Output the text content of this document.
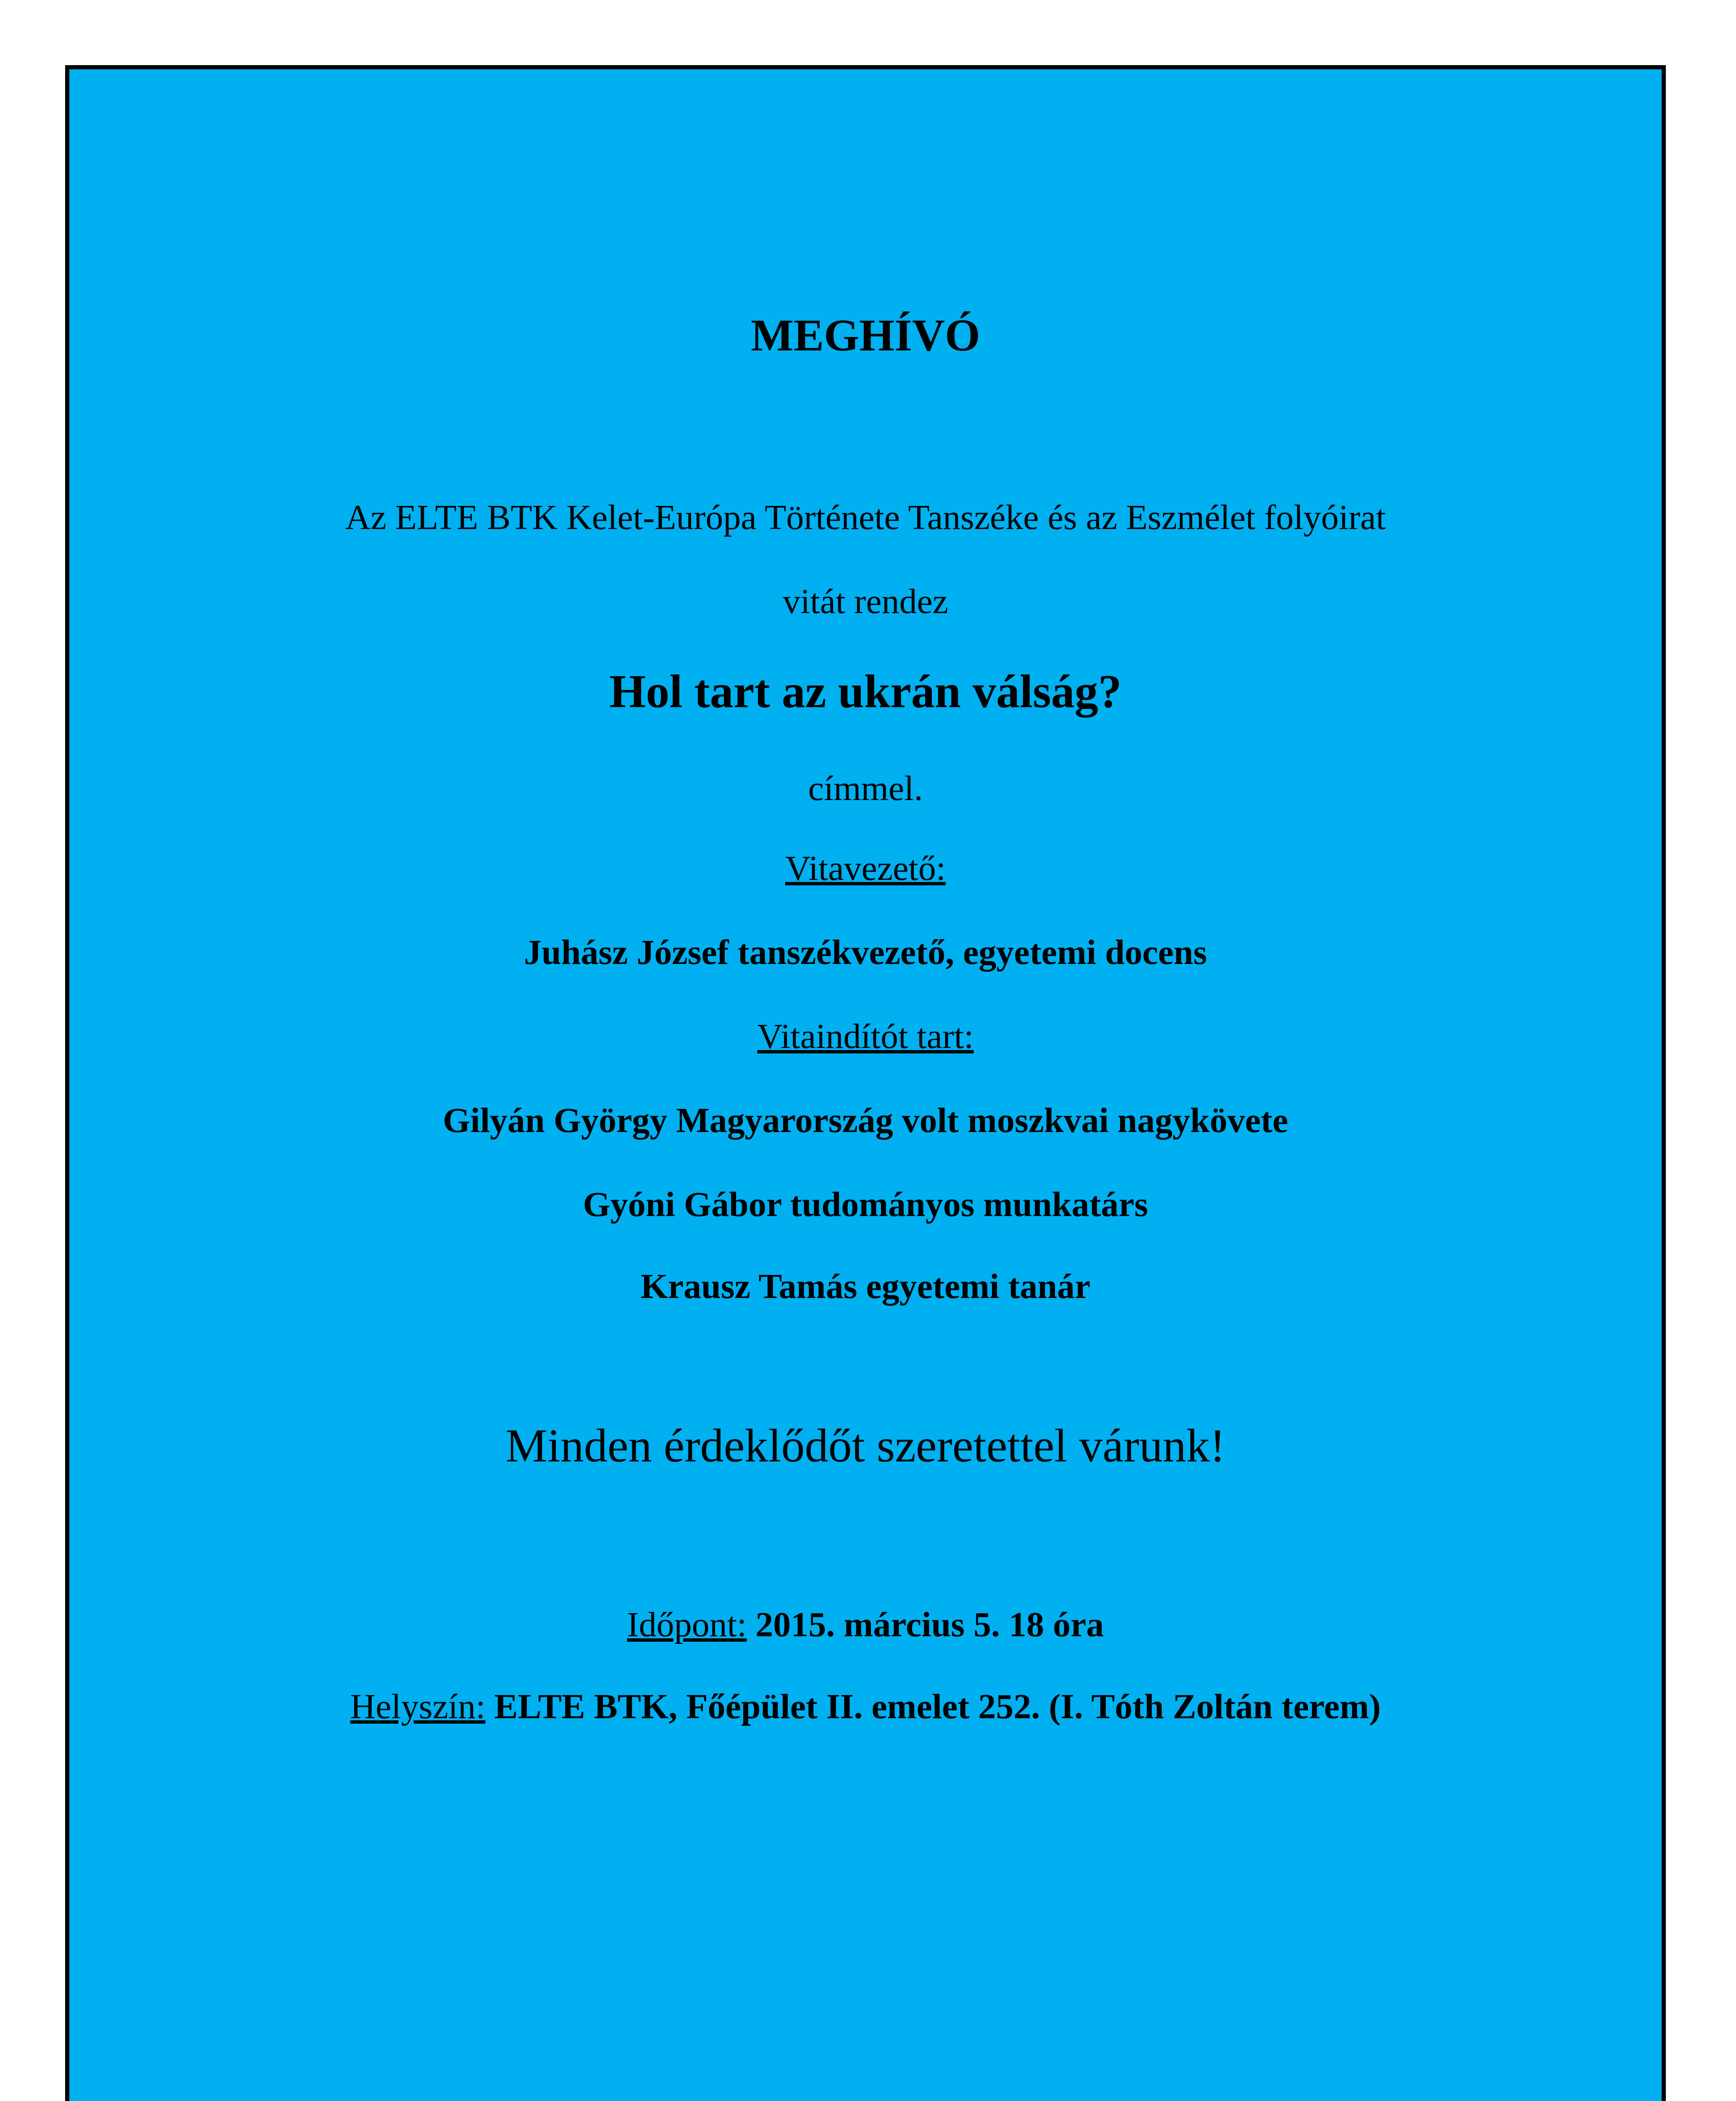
MEGHÍVÓ
Az ELTE BTK Kelet-Európa Története Tanszéke és az Eszmélet folyóirat
vitát rendez
Hol tart az ukrán válság?
címmel.
Vitavezető:
Juhász József tanszékvezető, egyetemi docens
Vitaindítót tart:
Gilyán György Magyarország volt moszkvai nagykövete
Gyóni Gábor tudományos munkatárs
Krausz Tamás egyetemi tanár
Minden érdeklődőt szeretettel várunk!
Időpont: 2015. március 5. 18 óra
Helyszín: ELTE BTK, Főépület II. emelet 252. (I. Tóth Zoltán terem)
